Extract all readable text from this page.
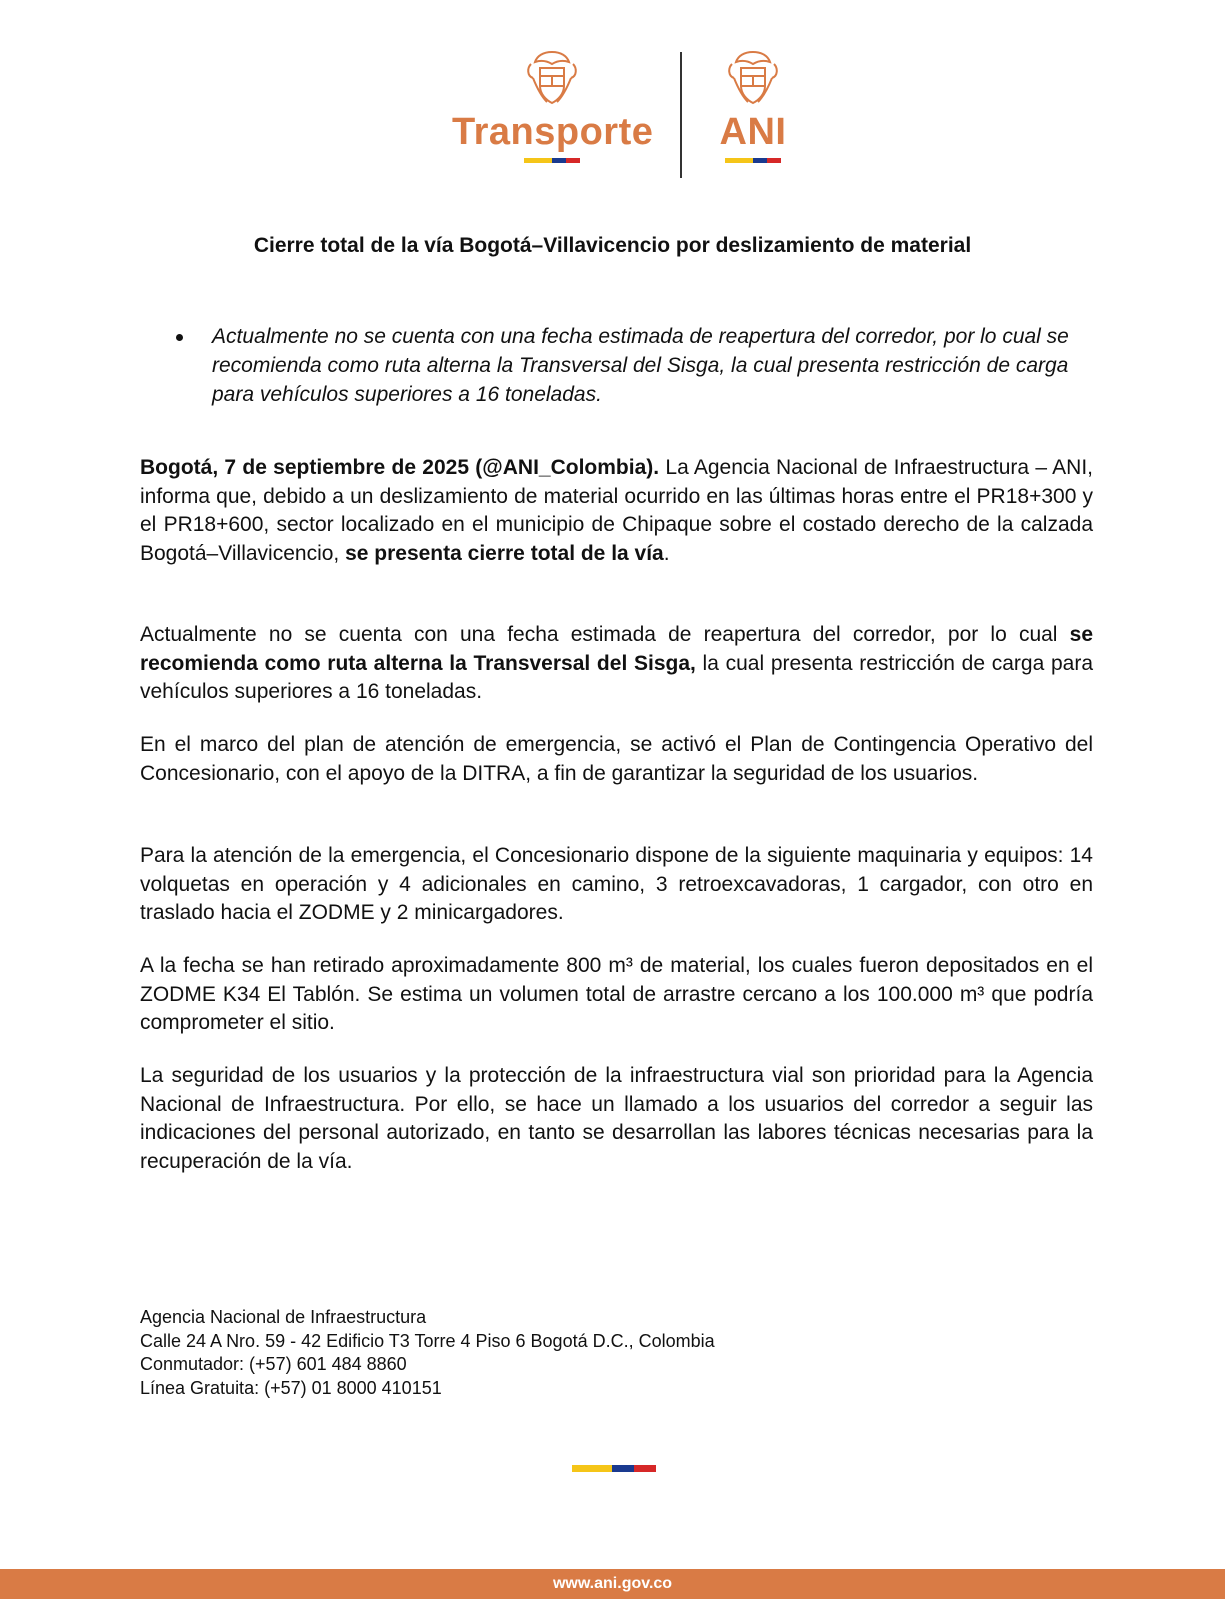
Transporte	ANI
Cierre total de la vía Bogotá–Villavicencio por deslizamiento de material

Actualmente no se cuenta con una fecha estimada de reapertura del corredor, por lo cual se recomienda como ruta alterna la Transversal del Sisga, la cual presenta restricción de carga para vehículos superiores a 16 toneladas.

Bogotá, 7 de septiembre de 2025 (@ANI_Colombia). La Agencia Nacional de Infraestructura – ANI, informa que, debido a un deslizamiento de material ocurrido en las últimas horas entre el PR18+300 y el PR18+600, sector localizado en el municipio de Chipaque sobre el costado derecho de la calzada Bogotá–Villavicencio, se presenta cierre total de la vía.

Actualmente no se cuenta con una fecha estimada de reapertura del corredor, por lo cual se recomienda como ruta alterna la Transversal del Sisga, la cual presenta restricción de carga para vehículos superiores a 16 toneladas.

En el marco del plan de atención de emergencia, se activó el Plan de Contingencia Operativo del Concesionario, con el apoyo de la DITRA, a fin de garantizar la seguridad de los usuarios.

Para la atención de la emergencia, el Concesionario dispone de la siguiente maquinaria y equipos: 14 volquetas en operación y 4 adicionales en camino, 3 retroexcavadoras, 1 cargador, con otro en traslado hacia el ZODME y 2 minicargadores.

A la fecha se han retirado aproximadamente 800 m³ de material, los cuales fueron depositados en el ZODME K34 El Tablón. Se estima un volumen total de arrastre cercano a los 100.000 m³ que podría comprometer el sitio.

La seguridad de los usuarios y la protección de la infraestructura vial son prioridad para la Agencia Nacional de Infraestructura. Por ello, se hace un llamado a los usuarios del corredor a seguir las indicaciones del personal autorizado, en tanto se desarrollan las labores técnicas necesarias para la recuperación de la vía.

Agencia Nacional de Infraestructura
Calle 24 A Nro. 59 - 42 Edificio T3 Torre 4 Piso 6 Bogotá D.C., Colombia
Conmutador: (+57) 601 484 8860
Línea Gratuita: (+57) 01 8000 410151
www.ani.gov.co
